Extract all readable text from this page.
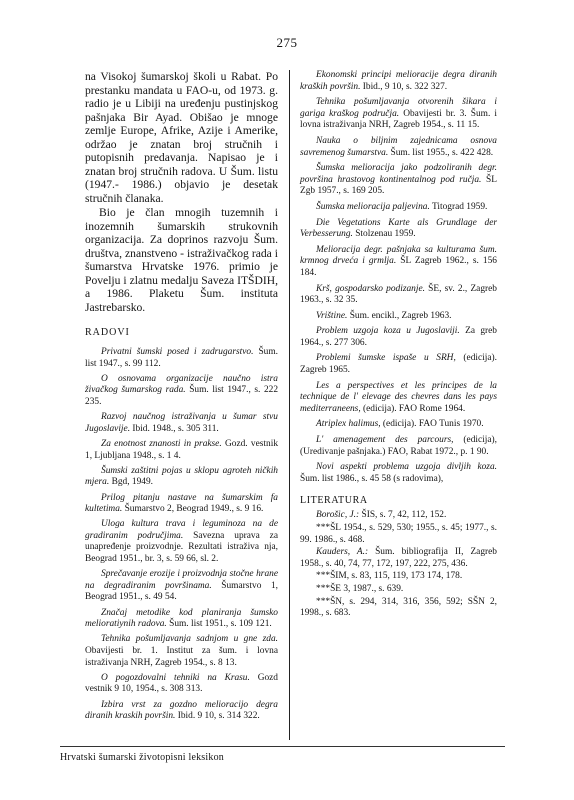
275

na Visokoj šumarskoj školi u Rabat. Po prestanku mandata u FAO-u, od 1973. g. radio je u Libiji na uređenju pustinjskog pašnjaka Bir Ayad. Obišao je mnoge zemlje Europe, Afrike, Azije i Amerike, održao je znatan broj stručnih i putopisnih predavanja. Napisao je i znatan broj stručnih radova. U Šum. listu (1947.- 1986.) objavio je desetak stručnih članaka.

Bio je član mnogih tuzemnih i inozemnih šumarskih strukovnih organizacija. Za doprinos razvoju Šum. društva, znanstveno - istraživačkog rada i šumarstva Hrvatske 1976. primio je Povelju i zlatnu medalju Saveza ITŠDIH, a 1986. Plaketu Šum. instituta Jastrebarsko.

RADOVI

Privatni šumski posed i zadrugarstvo. Šum. list 1947., s. 99 112.

O osnovama organizacije naučno istra živačkog šumarskog rada. Šum. list 1947., s. 222 235.

Razvoj naučnog istraživanja u šumar stvu Jugoslavije. Ibid. 1948., s. 305 311.

Za enotnost znanosti in prakse. Gozd. vestnik 1, Ljubljana 1948., s. 1 4.

Šumski zaštitni pojas u sklopu agroteh ničkih mjera. Bgd, 1949.

Prilog pitanju nastave na šumarskim fa kultetima. Šumarstvo 2, Beograd 1949., s. 9 16.

Uloga kultura trava i leguminoza na de gradiranim područjima. Savezna uprava za unapređenje proizvodnje. Rezultati istraživa nja, Beograd 1951., br. 3, s. 59 66, sl. 2.

Sprečavanje erozije i proizvodnja stočne hrane na degradiranim površinama. Šumarstvo 1, Beograd 1951., s. 49 54.

Značaj metodike kod planiranja šumsko melioratiynih radova. Šum. list 1951., s. 109 121.

Tehnika pošumljavanja sadnjom u gne zda. Obavijesti br. 1. Institut za šum. i lovna istraživanja NRH, Zagreb 1954., s. 8 13.

O pogozdovalni tehniki na Krasu. Gozd vestnik 9 10, 1954., s. 308 313.

Izbira vrst za gozdno melioracijo degra diranih kraskih površin. Ibid. 9 10, s. 314 322.

Ekonomski principi melioracije degra diranih kraških površin. Ibid., 9 10, s. 322 327.

Tehnika pošumljavanja otvorenih šikara i gariga kraškog područja. Obavijesti br. 3. Šum. i lovna istraživanja NRH, Zagreb 1954., s. 11 15.

Nauka o biljnim zajednicama osnova savremenog šumarstva. Šum. list 1955., s. 422 428.

Šumska melioracija jako podzoliranih degr. površina hrastovog kontinentalnog pod ručja. ŠL Zgb 1957., s. 169 205.

Šumska melioracija paljevina. Titograd 1959.

Die Vegetations Karte als Grundlage der Verbesserung. Stolzenau 1959.

Melioracija degr. pašnjaka sa kulturama šum. krmnog drveća i grmlja. ŠL Zagreb 1962., s. 156 184.

Krš, gospodarsko podizanje. ŠE, sv. 2., Zagreb 1963., s. 32 35.

Vrištine. Šum. encikl., Zagreb 1963.

Problem uzgoja koza u Jugoslaviji. Za greb 1964., s. 277 306.

Problemi šumske ispaše u SRH, (edicija). Zagreb 1965.

Les a perspectives et les principes de la technique de l' elevage des chevres dans les pays mediterraneens, (edicija). FAO Rome 1964.

Atriplex halimus, (edicija). FAO Tunis 1970.

L' amenagement des parcours, (edicija), (Uredivanje pašnjaka.) FAO, Rabat 1972., p. 1 90.

Novi aspekti problema uzgoja divljih koza. Šum. list 1986., s. 45 58 (s radovima),

LITERATURA

Borošic, J.: ŠIS, s. 7, 42, 112, 152.

***ŠL 1954., s. 529, 530; 1955., s. 45; 1977., s. 99. 1986., s. 468.

Kauders, A.: Šum. bibliografija II, Zagreb 1958., s. 40, 74, 77, 172, 197, 222, 275, 436.

***ŠIM, s. 83, 115, 119, 173 174, 178.

***ŠE 3, 1987., s. 639.

***ŠN, s. 294, 314, 316, 356, 592; SŠN 2, 1998., s. 683.

Hrvatski šumarski životopisni leksikon
